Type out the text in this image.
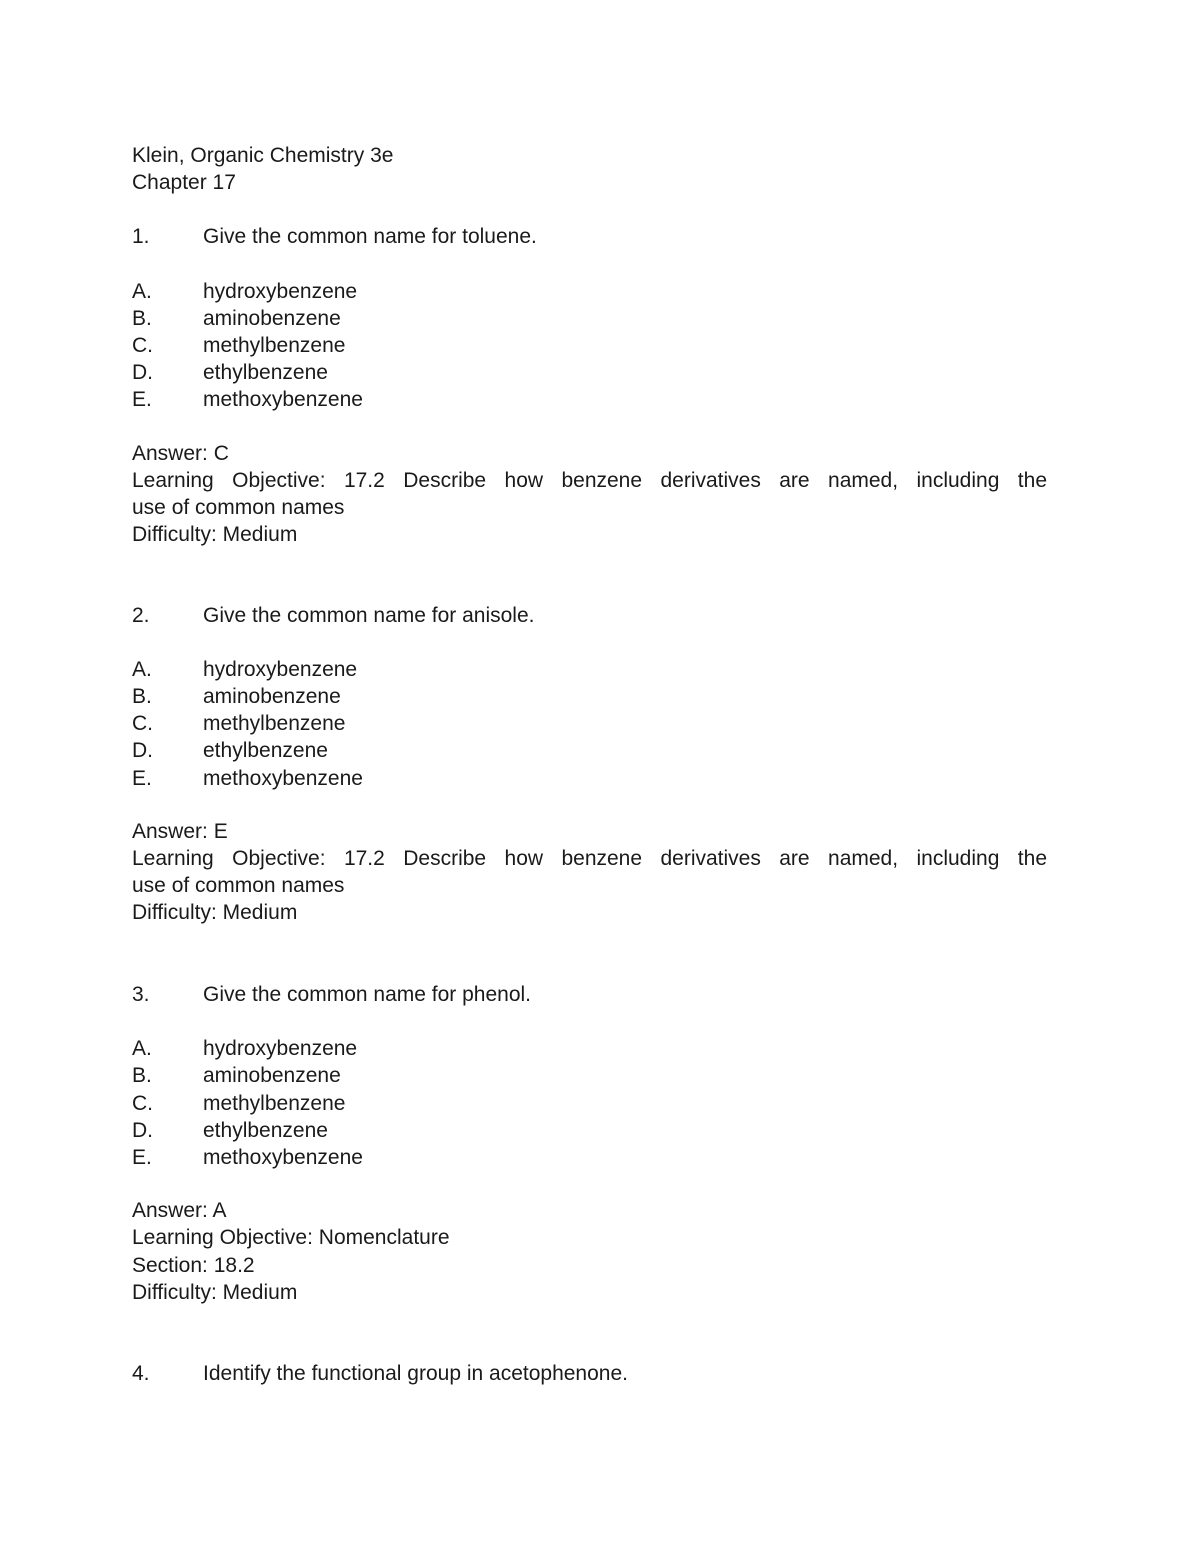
Klein, Organic Chemistry 3e
Chapter 17
1.	Give the common name for toluene.
A. hydroxybenzene
B. aminobenzene
C. methylbenzene
D. ethylbenzene
E. methoxybenzene
Answer: C
Learning Objective: 17.2 Describe how benzene derivatives are named, including the
use of common names
Difficulty: Medium
2.	Give the common name for anisole.
A. hydroxybenzene
B. aminobenzene
C. methylbenzene
D. ethylbenzene
E. methoxybenzene
Answer: E
Learning Objective: 17.2 Describe how benzene derivatives are named, including the
use of common names
Difficulty: Medium
3.	Give the common name for phenol.
A. hydroxybenzene
B. aminobenzene
C. methylbenzene
D. ethylbenzene
E. methoxybenzene
Answer: A
Learning Objective: Nomenclature
Section: 18.2
Difficulty: Medium
4.	Identify the functional group in acetophenone.
